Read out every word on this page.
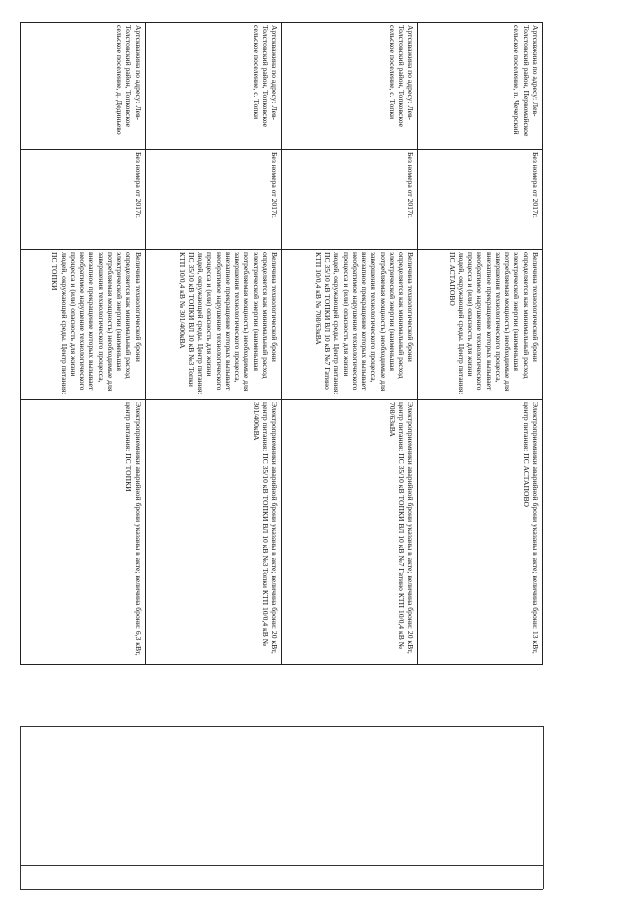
Артсквжина по адресу: Лев-Толстовский район, Первомайское сельское поселение, п. Чечерский	Без номера от 2017г.	Величина технологической брони определяется как минимальный расход электрической энергии (наименьшая потребляемая мощность) необходимые для завершения технологического процесса, внезапное прекращение которых вызывает необратимое нарушение технологического процесса и (или) опасность для жизни людей, окружающей среды. Центр питания: ПС АСТАПОВО	Электроприемники аварийной брони указаны в акте; величина брони: 13 кВт, центр питания: ПС АСТАПОВО
Артскважина по адресу: Лев-Толстовский район, Топковское сельское поселение, с. Топки	Без номера от 2017г.	Величина технологической брони определяется как минимальный расход электрической энергии (наименьшая потребляемая мощность) необходимые для завершения технологического процесса, внезапное прекращение которых вызывает необратимое нарушение технологического процесса и (или) опасность для жизни людей, окружающей среды. Центр питания: ПС 35/10 кВ ТОПКИ ВЛ 10 кВ №7 Гатино КТП 10/0,4 кВ № 708/63кВА	Электроприемники аварийной брони указаны в акте; величина брони: 20 кВт, центр питания: ПС 35/10 кВ ТОПКИ ВЛ 10 кВ №7 Гатино КТП 10/0,4 кВ № 708/63кВА
Артскважина по адресу: Лев-Толстовский район, Топковское сельское поселение, с. Топки	Без номера от 2017г.	Величина технологической брони определяется как минимальный расход электрической энергии (наименьшая потребляемая мощность) необходимые для завершения технологического процесса, внезапное прекращение которых вызывает необратимое нарушение технологического процесса и (или) опасность для жизни людей, окружающей среды. Центр питания: ПС 35/10 кВ ТОПКИ ВЛ 10 кВ №3 Топки КТП 10/0,4 кВ № 301/400кВА	Электроприемники аварийной брони указаны в акте; величина брони: 20 кВт, центр питания: ПС 35/10 кВ ТОПКИ ВЛ 10 кВ №3 Топки КТП 10/0,4 кВ № 301/400кВА
Артскважина по адресу: Лев-Толстовский район, Топковское сельское поселение, д. Дединьево	Без номера от 2017г.	Величина технологической брони определяется как минимальный расход электрической энергии (наименьшая потребляемая мощность) необходимые для завершения технологического процесса, внезапное прекращение которых вызывает необратимое нарушение технологического процесса и (или) опасность для жизни людей, окружающей среды. Центр питания: ПС ТОПКИ	Электроприемники аварийной брони указаны в акте; величина брони: 6,3 кВт, центр питания: ПС ТОПКИ
